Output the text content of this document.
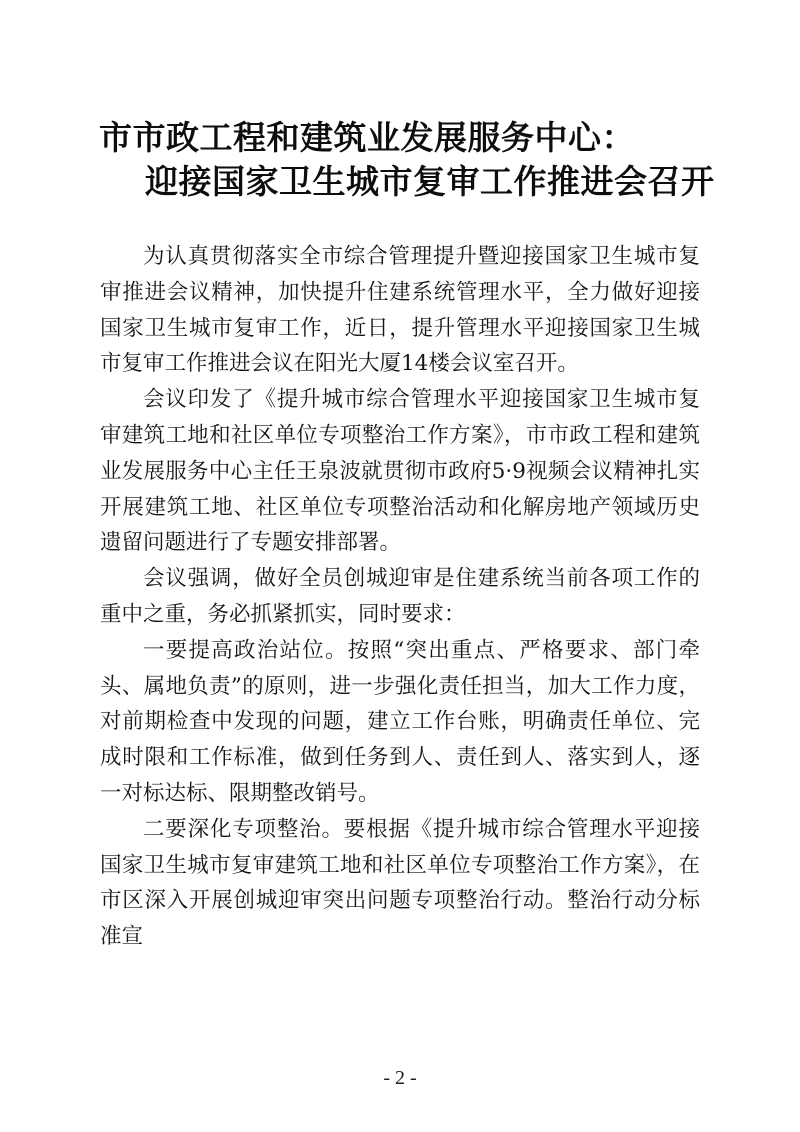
市市政工程和建筑业发展服务中心：
迎接国家卫生城市复审工作推进会召开

为认真贯彻落实全市综合管理提升暨迎接国家卫生城市复审推进会议精神，加快提升住建系统管理水平，全力做好迎接国家卫生城市复审工作，近日，提升管理水平迎接国家卫生城市复审工作推进会议在阳光大厦14楼会议室召开。

会议印发了《提升城市综合管理水平迎接国家卫生城市复审建筑工地和社区单位专项整治工作方案》，市市政工程和建筑业发展服务中心主任王泉波就贯彻市政府5·9视频会议精神扎实开展建筑工地、社区单位专项整治活动和化解房地产领域历史遗留问题进行了专题安排部署。

会议强调，做好全员创城迎审是住建系统当前各项工作的重中之重，务必抓紧抓实，同时要求：

一要提高政治站位。按照“突出重点、严格要求、部门牵头、属地负责”的原则，进一步强化责任担当，加大工作力度，对前期检查中发现的问题，建立工作台账，明确责任单位、完成时限和工作标准，做到任务到人、责任到人、落实到人，逐一对标达标、限期整改销号。

二要深化专项整治。要根据《提升城市综合管理水平迎接国家卫生城市复审建筑工地和社区单位专项整治工作方案》，在市区深入开展创城迎审突出问题专项整治行动。整治行动分标准宣

- 2 -
